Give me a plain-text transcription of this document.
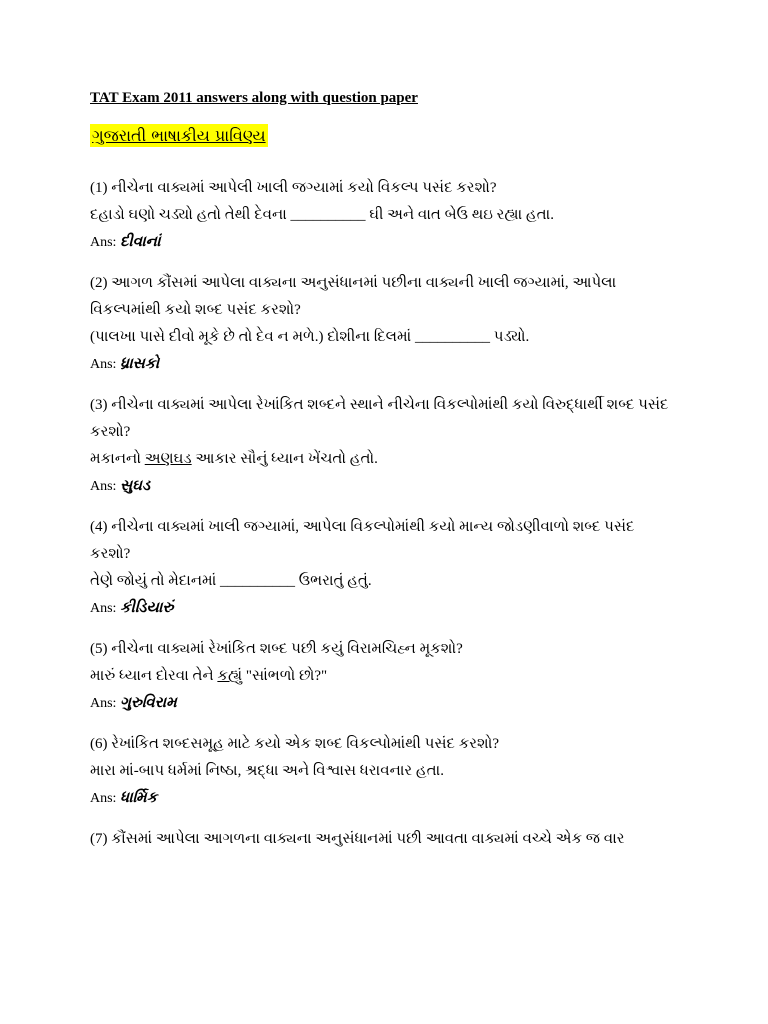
TAT Exam 2011 answers along with question paper
ગુજરાતી ભાષાકીય પ્રાવિણ્ય
(1) નીચેના વાક્યમાં આપેલી ખાલી જગ્યામાં કયો વિકલ્પ પસંદ કરશો?
દહાડો ઘણો ચડ્યો હતો તેથી દેવના __________ ઘી અને વાત બેઉ થઇ રહ્યા હતા.
Ans: દીવાનાં
(2) આગળ કૌંસમાં આપેલા વાક્યના અનુસંધાનમાં પછીના વાક્યની ખાલી જગ્યામાં, આપેલા
વિકલ્પમાંથી કયો શબ્દ પસંદ કરશો?
(પાલખા પાસે દીવો મૂકે છે તો દેવ ન મળે.) દોશીના દિલમાં __________ પડ્યો.
Ans: ધ્રાસકો
(3) નીચેના વાક્યમાં આપેલા રેખાંકિત શબ્દને સ્થાને નીચેના વિકલ્પોમાંથી કયો વિરુદ્ધાર્થી શબ્દ પસંદ
કરશો?
મકાનનો અણઘડ આકાર સૌનું ધ્યાન ખેંચતો હતો.
Ans: સુઘડ
(4) નીચેના વાક્યમાં ખાલી જગ્યામાં, આપેલા વિકલ્પોમાંથી કયો માન્ય જોડણીવાળો શબ્દ પસંદ
કરશો?
તેણે જોયું તો મેદાનમાં __________ ઉભરાતું હતું.
Ans: કીડિયારું
(5) નીચેના વાક્યમાં રેખાંકિત શબ્દ પછી કયું વિરામચિહ્ન મૂકશો?
મારું ધ્યાન દોરવા તેને કહ્યું "સાંભળો છો?"
Ans: ગુરુવિરામ
(6) રેખાંકિત શબ્દસમૂહ માટે કયો એક શબ્દ વિકલ્પોમાંથી પસંદ કરશો?
મારા માં-બાપ ધર્મમાં નિષ્ઠા, શ્રદ્ધા અને વિશ્વાસ ધરાવનાર હતા.
Ans: ધાર્મિક
(7) કૌંસમાં આપેલા આગળના વાક્યના અનુસંધાનમાં પછી આવતા વાક્યમાં વચ્ચે એક જ વાર
